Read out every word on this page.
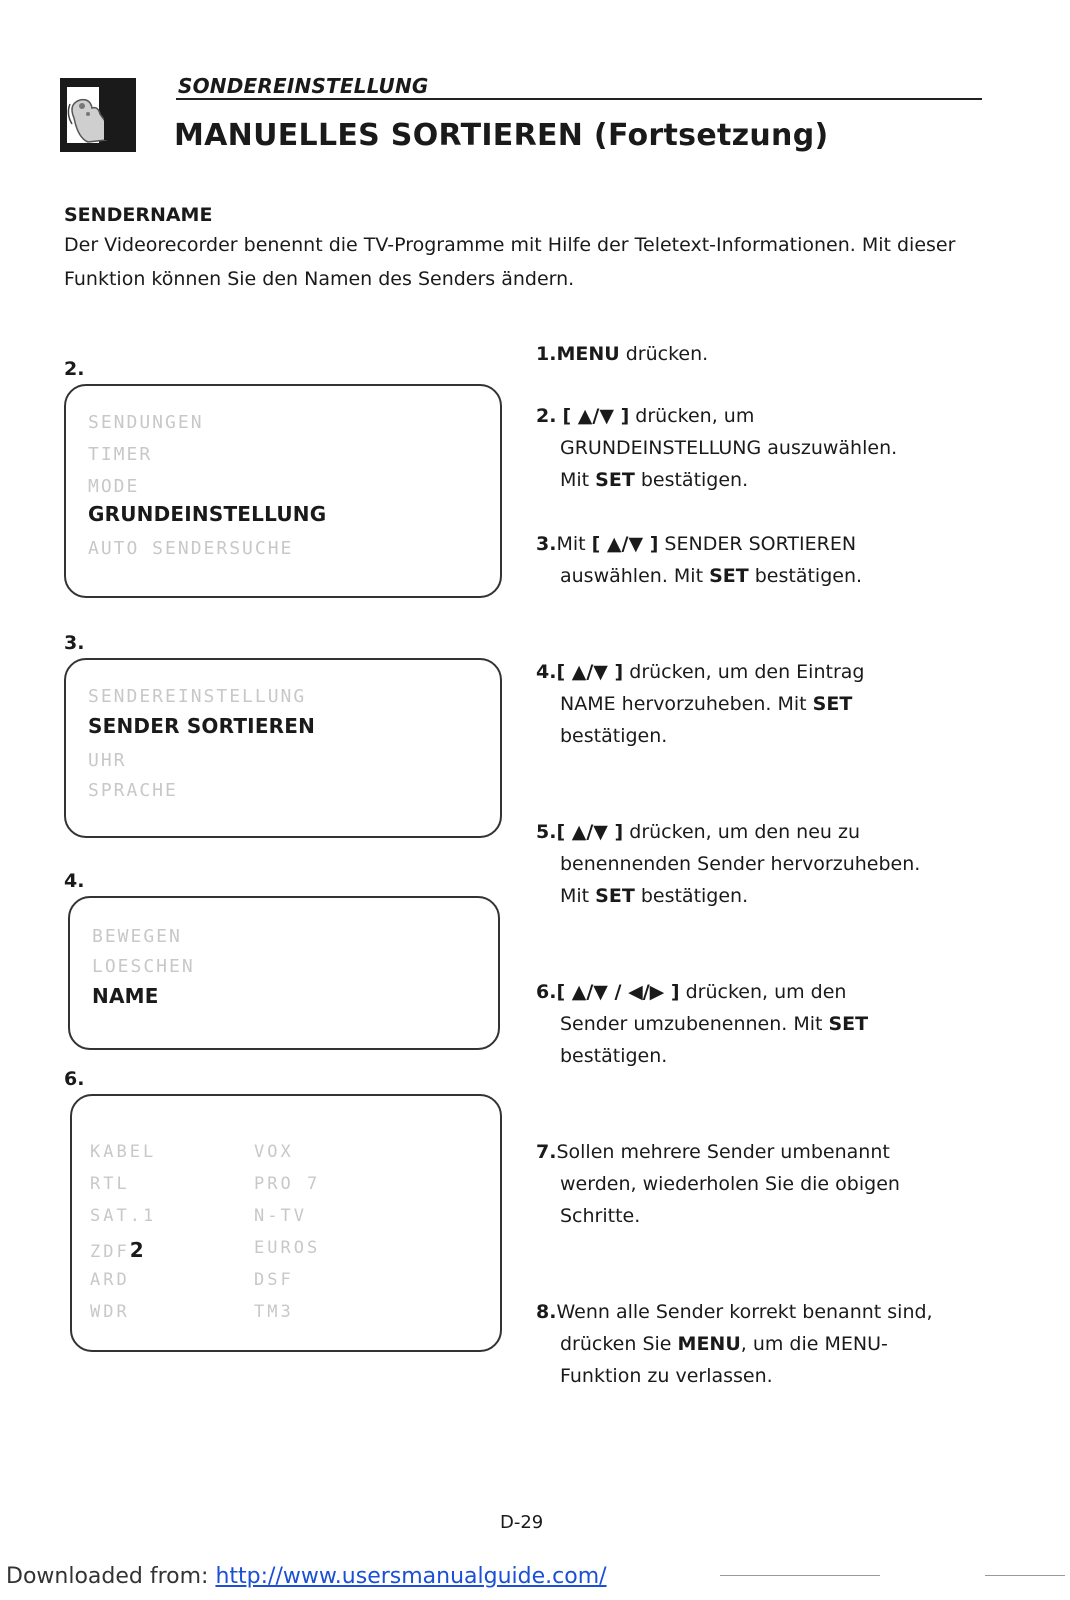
SONDEREINSTELLUNG
MANUELLES SORTIEREN (Fortsetzung)
SENDERNAME
Der Videorecorder benennt die TV-Programme mit Hilfe der Teletext-Informationen. Mit dieser Funktion können Sie den Namen des Senders ändern.
2.
SENDUNGEN
TIMER
MODE
GRUNDEINSTELLUNG
AUTO SENDERSUCHE
3.
SENDEREINSTELLUNG
SENDER SORTIEREN
UHR
SPRACHE
4.
BEWEGEN
LOESCHEN
NAME
6.
KABEL
RTL
SAT.1
ZDF2
ARD
WDR
VOX
PRO 7
N-TV
EUROS
DSF
TM3
1.MENU drücken.
2. [ ▲/▼ ] drücken, um
GRUNDEINSTELLUNG auszuwählen.
Mit SET bestätigen.
3.Mit [ ▲/▼ ] SENDER SORTIEREN
auswählen. Mit SET bestätigen.
4.[ ▲/▼ ] drücken, um den Eintrag
NAME hervorzuheben. Mit SET
bestätigen.
5.[ ▲/▼ ] drücken, um den neu zu
benennenden Sender hervorzuheben.
Mit SET bestätigen.
6.[ ▲/▼ / ◀/▶ ] drücken, um den
Sender umzubenennen. Mit SET
bestätigen.
7.Sollen mehrere Sender umbenannt
werden, wiederholen Sie die obigen
Schritte.
8.Wenn alle Sender korrekt benannt sind,
drücken Sie MENU, um die MENU-
Funktion zu verlassen.
D-29
Downloaded from: http://www.usersmanualguide.com/
